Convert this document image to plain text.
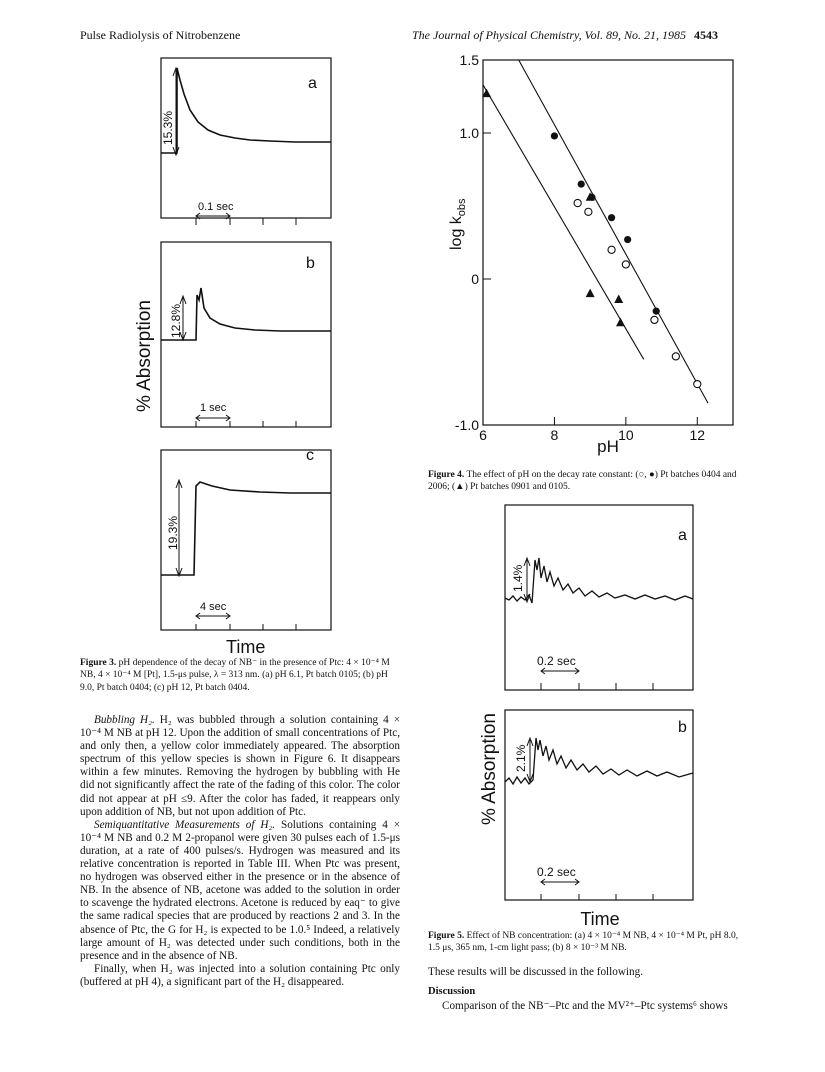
Pulse Radiolysis of Nitrobenzene	The Journal of Physical Chemistry, Vol. 89, No. 21, 1985 4543
a
15.3%
0.1 sec
b
12.8%
1 sec
% Absorption
c
19.3%
4 sec
Time
Figure 3. pH dependence of the decay of NB⁻ in the presence of Ptc: 4 × 10⁻⁴ M NB, 4 × 10⁻⁴ M [Pt], 1.5-μs pulse, λ = 313 nm. (a) pH 6.1, Pt batch 0105; (b) pH 9.0, Pt batch 0404; (c) pH 12, Pt batch 0404.
1.5
1.0
0
-1.0
6	8	10	12
pH
$\log k_{obs}$
Figure 4. The effect of pH on the decay rate constant: (○, ●) Pt batches 0404 and 2006; (▲) Pt batches 0901 and 0105.
a
1.4%
0.2 sec
b
2.1%
0.2 sec
Time
% Absorption
Figure 5. Effect of NB concentration: (a) 4 × 10⁻⁴ M NB, 4 × 10⁻⁴ M Pt, pH 8.0, 1.5 μs, 365 nm, 1-cm light pass; (b) 8 × 10⁻³ M NB.

Bubbling H₂. H₂ was bubbled through a solution containing 4 × 10⁻⁴ M NB at pH 12. Upon the addition of small concentrations of Ptc, and only then, a yellow color immediately appeared. The absorption spectrum of this yellow species is shown in Figure 6. It disappears within a few minutes. Removing the hydrogen by bubbling with He did not significantly affect the rate of the fading of this color. The color did not appear at pH ≤9. After the color has faded, it reappears only upon addition of NB, but not upon addition of Ptc.

Semiquantitative Measurements of H₂. Solutions containing 4 × 10⁻⁴ M NB and 0.2 M 2-propanol were given 30 pulses each of 1.5-μs duration, at a rate of 400 pulses/s. Hydrogen was measured and its relative concentration is reported in Table III. When Ptc was present, no hydrogen was observed either in the presence or in the absence of NB. In the absence of NB, acetone was added to the solution in order to scavenge the hydrated electrons. Acetone is reduced by eaq⁻ to give the same radical species that are produced by reactions 2 and 3. In the absence of Ptc, the G for H₂ is expected to be 1.0.⁵ Indeed, a relatively large amount of H₂ was detected under such conditions, both in the presence and in the absence of NB.

Finally, when H₂ was injected into a solution containing Ptc only (buffered at pH 4), a significant part of the H₂ disappeared.

These results will be discussed in the following.

Discussion

Comparison of the NB⁻–Ptc and the MV²⁺–Ptc systems⁶ shows
